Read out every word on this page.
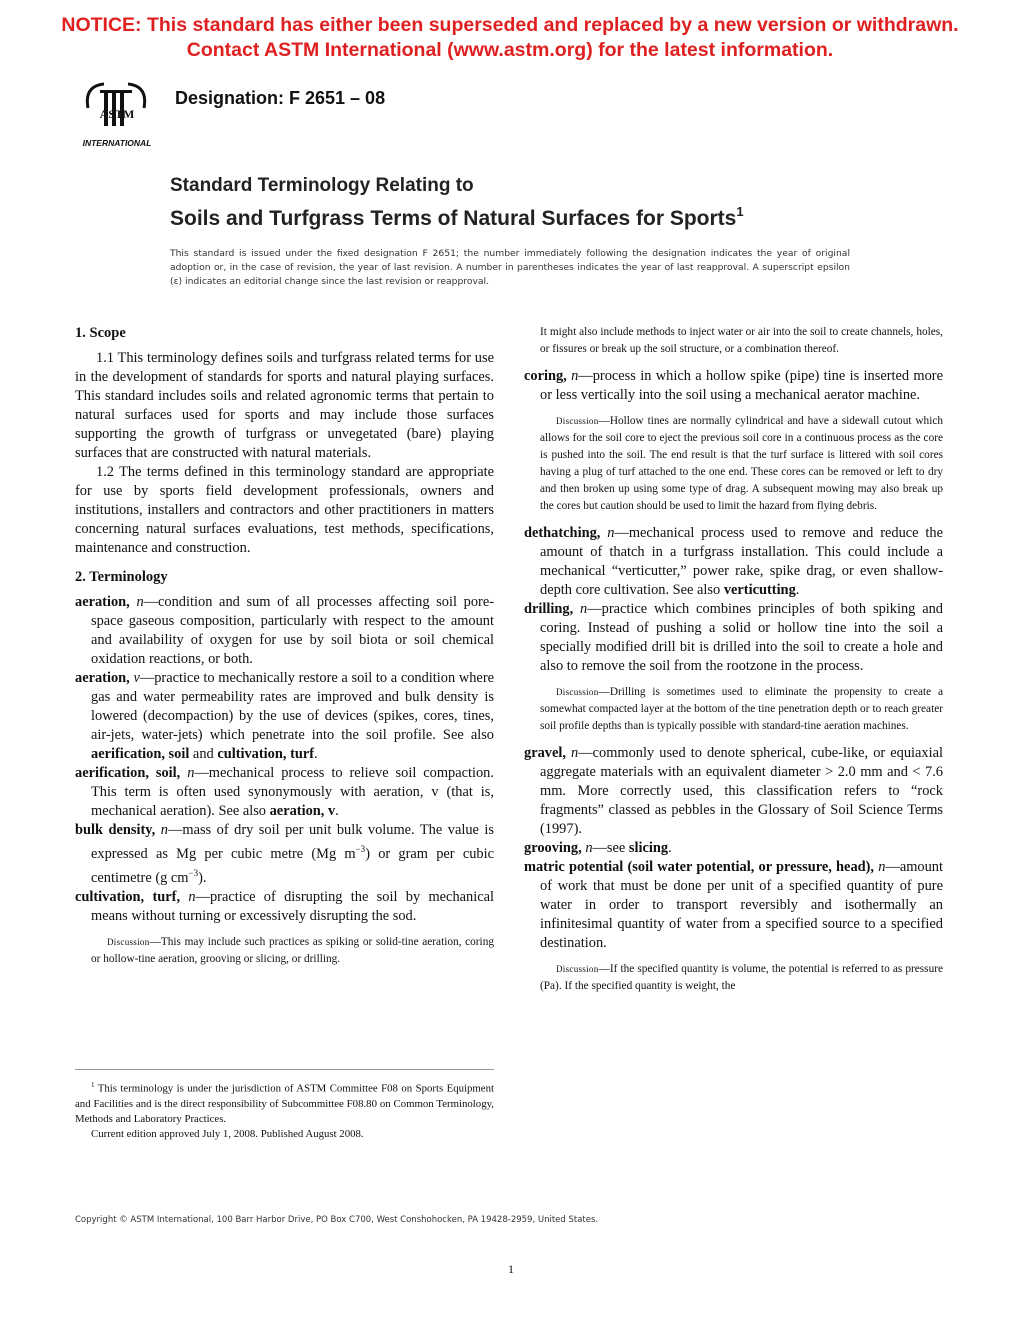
NOTICE: This standard has either been superseded and replaced by a new version or withdrawn.
Contact ASTM International (www.astm.org) for the latest information.
ASTM
INTERNATIONAL
Designation: F 2651 – 08
Standard Terminology Relating to
Soils and Turfgrass Terms of Natural Surfaces for Sports$^1$
This standard is issued under the fixed designation F 2651; the number immediately following the designation indicates the year of original adoption or, in the case of revision, the year of last revision. A number in parentheses indicates the year of last reapproval. A superscript epsilon (ε) indicates an editorial change since the last revision or reapproval.
1. Scope

1.1 This terminology defines soils and turfgrass related terms for use in the development of standards for sports and natural playing surfaces. This standard includes soils and related agronomic terms that pertain to natural surfaces used for sports and may include those surfaces supporting the growth of turfgrass or unvegetated (bare) playing surfaces that are constructed with natural materials.

1.2 The terms defined in this terminology standard are appropriate for use by sports field development professionals, owners and institutions, installers and contractors and other practitioners in matters concerning natural surfaces evaluations, test methods, specifications, maintenance and construction.

2. Terminology

aeration, n—condition and sum of all processes affecting soil pore-space gaseous composition, particularly with respect to the amount and availability of oxygen for use by soil biota or soil chemical oxidation reactions, or both.

aeration, v—practice to mechanically restore a soil to a condition where gas and water permeability rates are improved and bulk density is lowered (decompaction) by the use of devices (spikes, cores, tines, air-jets, water-jets) which penetrate into the soil profile. See also aerification, soil and cultivation, turf.

aerification, soil, n—mechanical process to relieve soil compaction. This term is often used synonymously with aeration, v (that is, mechanical aeration). See also aeration, v.

bulk density, n—mass of dry soil per unit bulk volume. The value is expressed as Mg per cubic metre (Mg $m^{-3}$) or gram per cubic centimetre (g $cm^{-3}$).

cultivation, turf, n—practice of disrupting the soil by mechanical means without turning or excessively disrupting the sod.

Discussion—This may include such practices as spiking or solid-tine aeration, coring or hollow-tine aeration, grooving or slicing, or drilling.

It might also include methods to inject water or air into the soil to create channels, holes, or fissures or break up the soil structure, or a combination thereof.

coring, n—process in which a hollow spike (pipe) tine is inserted more or less vertically into the soil using a mechanical aerator machine.

Discussion—Hollow tines are normally cylindrical and have a sidewall cutout which allows for the soil core to eject the previous soil core in a continuous process as the core is pushed into the soil. The end result is that the turf surface is littered with soil cores having a plug of turf attached to the one end. These cores can be removed or left to dry and then broken up using some type of drag. A subsequent mowing may also break up the cores but caution should be used to limit the hazard from flying debris.

dethatching, n—mechanical process used to remove and reduce the amount of thatch in a turfgrass installation. This could include a mechanical “verticutter,” power rake, spike drag, or even shallow-depth core cultivation. See also verticutting.

drilling, n—practice which combines principles of both spiking and coring. Instead of pushing a solid or hollow tine into the soil a specially modified drill bit is drilled into the soil to create a hole and also to remove the soil from the rootzone in the process.

Discussion—Drilling is sometimes used to eliminate the propensity to create a somewhat compacted layer at the bottom of the tine penetration depth or to reach greater soil profile depths than is typically possible with standard-tine aeration machines.

gravel, n—commonly used to denote spherical, cube-like, or equiaxial aggregate materials with an equivalent diameter > 2.0 mm and < 7.6 mm. More correctly used, this classification refers to “rock fragments” classed as pebbles in the Glossary of Soil Science Terms (1997).

grooving, n—see slicing.

matric potential (soil water potential, or pressure, head), n—amount of work that must be done per unit of a specified quantity of pure water in order to transport reversibly and isothermally an infinitesimal quantity of water from a specified source to a specified destination.

Discussion—If the specified quantity is volume, the potential is referred to as pressure (Pa). If the specified quantity is weight, the

$^1$ This terminology is under the jurisdiction of ASTM Committee F08 on Sports Equipment and Facilities and is the direct responsibility of Subcommittee F08.80 on Common Terminology, Methods and Laboratory Practices.

Current edition approved July 1, 2008. Published August 2008.

Copyright © ASTM International, 100 Barr Harbor Drive, PO Box C700, West Conshohocken, PA 19428-2959, United States.
1
